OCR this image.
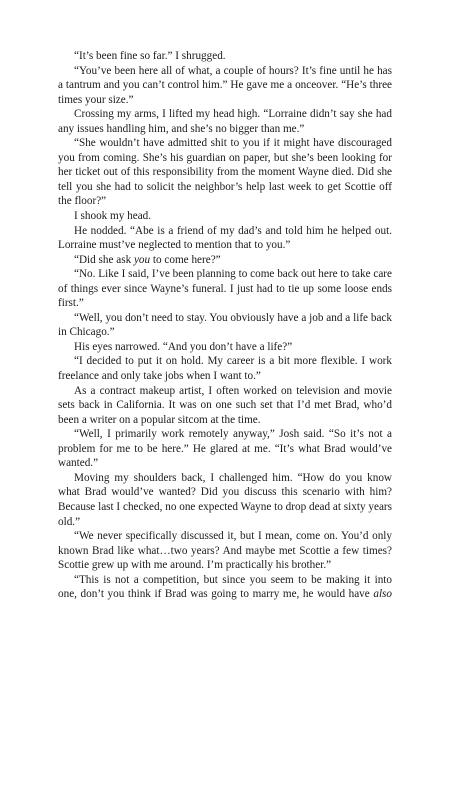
“It’s been fine so far.” I shrugged.

“You’ve been here all of what, a couple of hours? It’s fine until he has a tantrum and you can’t control him.” He gave me a onceover. “He’s three times your size.”

Crossing my arms, I lifted my head high. “Lorraine didn’t say she had any issues handling him, and she’s no bigger than me.”

“She wouldn’t have admitted shit to you if it might have discouraged you from coming. She’s his guardian on paper, but she’s been looking for her ticket out of this responsibility from the moment Wayne died. Did she tell you she had to solicit the neighbor’s help last week to get Scottie off the floor?”

I shook my head.

He nodded. “Abe is a friend of my dad’s and told him he helped out. Lorraine must’ve neglected to mention that to you.”

“Did she ask you to come here?”

“No. Like I said, I’ve been planning to come back out here to take care of things ever since Wayne’s funeral. I just had to tie up some loose ends first.”

“Well, you don’t need to stay. You obviously have a job and a life back in Chicago.”

His eyes narrowed. “And you don’t have a life?”

“I decided to put it on hold. My career is a bit more flexible. I work freelance and only take jobs when I want to.”

As a contract makeup artist, I often worked on television and movie sets back in California. It was on one such set that I’d met Brad, who’d been a writer on a popular sitcom at the time.

“Well, I primarily work remotely anyway,” Josh said. “So it’s not a problem for me to be here.” He glared at me. “It’s what Brad would’ve wanted.”

Moving my shoulders back, I challenged him. “How do you know what Brad would’ve wanted? Did you discuss this scenario with him? Because last I checked, no one expected Wayne to drop dead at sixty years old.”

“We never specifically discussed it, but I mean, come on. You’d only known Brad like what…two years? And maybe met Scottie a few times? Scottie grew up with me around. I’m practically his brother.”

“This is not a competition, but since you seem to be making it into one, don’t you think if Brad was going to marry me, he would have also
